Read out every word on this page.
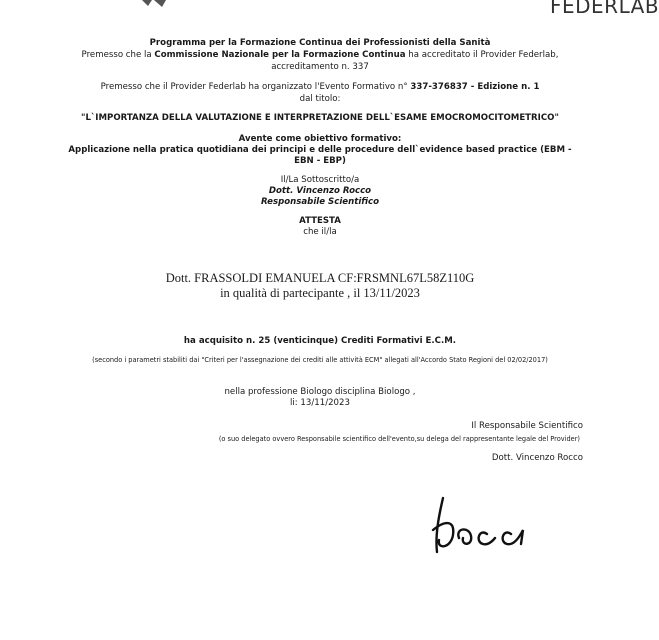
FEDERLAB
Programma per la Formazione Continua dei Professionisti della Sanità
Premesso che la Commissione Nazionale per la Formazione Continua ha accreditato il Provider Federlab,
accreditamento n. 337
Premesso che il Provider Federlab ha organizzato l'Evento Formativo n° 337-376837 - Edizione n. 1
dal titolo:
"L`IMPORTANZA DELLA VALUTAZIONE E INTERPRETAZIONE DELL`ESAME EMOCROMOCITOMETRICO"
Avente come obiettivo formativo:
Applicazione nella pratica quotidiana dei principi e delle procedure dell`evidence based practice (EBM -
EBN - EBP)
Il/La Sottoscritto/a
Dott. Vincenzo Rocco
Responsabile Scientifico
ATTESTA
che il/la
Dott. FRASSOLDI EMANUELA CF:FRSMNL67L58Z110G
in qualità di partecipante , il 13/11/2023
ha acquisito n. 25 (venticinque) Crediti Formativi E.C.M.
(secondo i parametri stabiliti dai "Criteri per l'assegnazione dei crediti alle attività ECM" allegati all'Accordo Stato Regioni del 02/02/2017)
nella professione Biologo disciplina Biologo ,
li: 13/11/2023
Il Responsabile Scientifico
(o suo delegato ovvero Responsabile scientifico dell'evento,su delega del rappresentante legale del Provider)
Dott. Vincenzo Rocco
